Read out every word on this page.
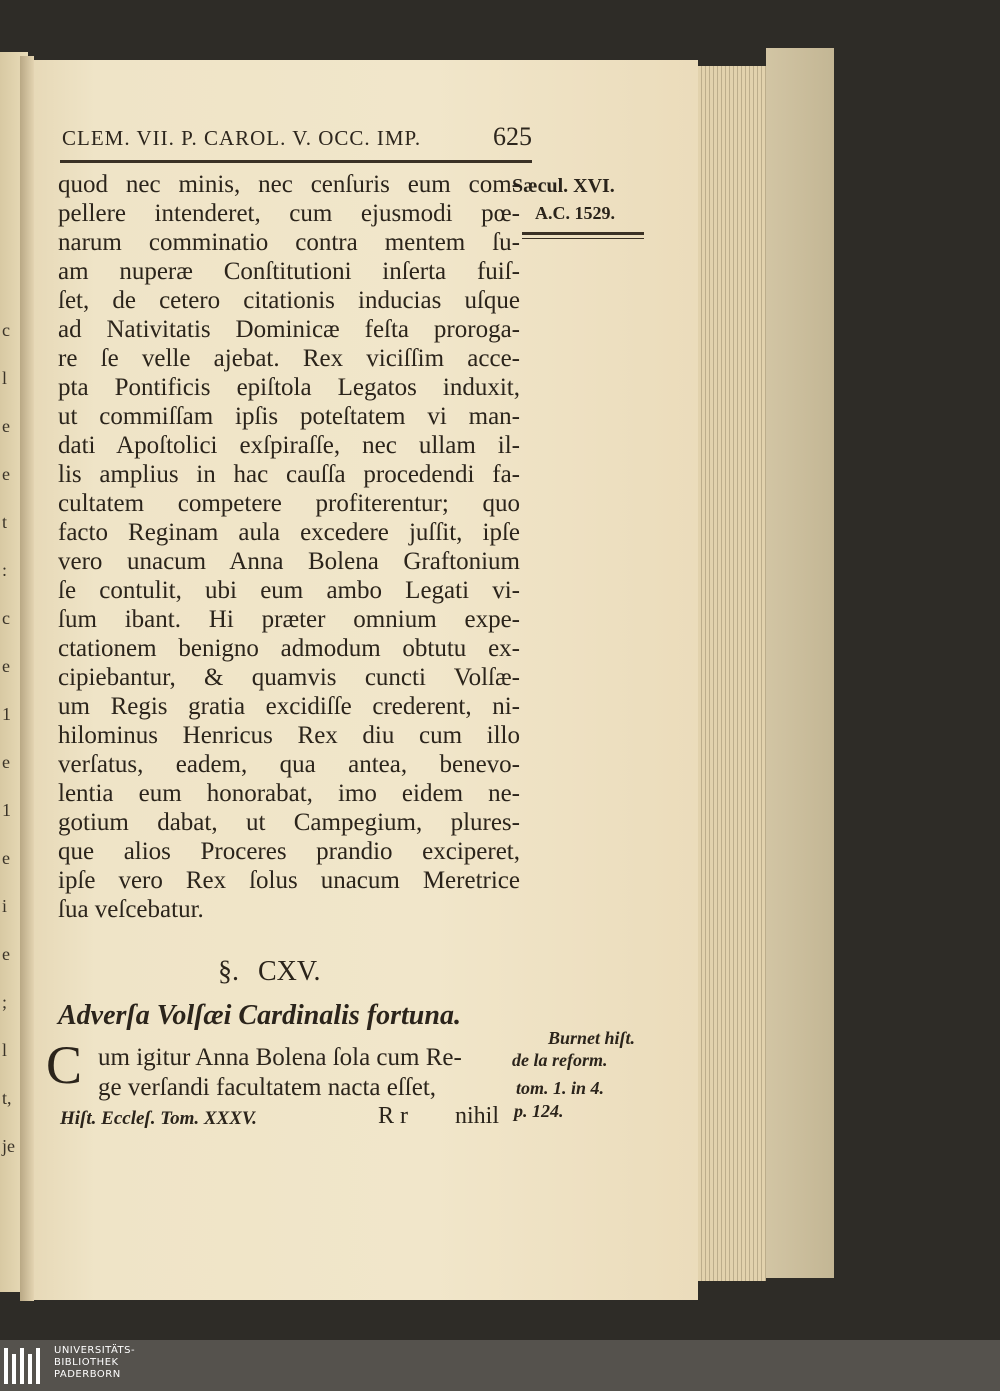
c
l
e
e
t
:
c
e
1
e
1
e
i
e
;
l
t,
je
CLEM. VII. P. CAROL. V. OCC. IMP.	625
Sæcul. XVI.
A.C. 1529.
quod nec minis, nec cenſuris eum com-
pellere intenderet, cum ejusmodi pœ-
narum comminatio contra mentem ſu-
am nuperæ Conſtitutioni inſerta fuiſ-
ſet, de cetero citationis inducias uſque
ad Nativitatis Dominicæ feſta proroga-
re ſe velle ajebat. Rex viciſſim acce-
pta Pontificis epiſtola Legatos induxit,
ut commiſſam ipſis poteſtatem vi man-
dati Apoſtolici exſpiraſſe, nec ullam il-
lis amplius in hac cauſſa procedendi fa-
cultatem competere profiterentur; quo
facto Reginam aula excedere juſſit, ipſe
vero unacum Anna Bolena Graftonium
ſe contulit, ubi eum ambo Legati vi-
ſum ibant. Hi præter omnium expe-
ctationem benigno admodum obtutu ex-
cipiebantur, & quamvis cuncti Volſæ-
um Regis gratia excidiſſe crederent, ni-
hilominus Henricus Rex diu cum illo
verſatus, eadem, qua antea, benevo-
lentia eum honorabat, imo eidem ne-
gotium dabat, ut Campegium, plures-
que alios Proceres prandio exciperet,
ipſe vero Rex ſolus unacum Meretrice
ſua veſcebatur.
§. CXV.
Adverſa Volſæi Cardinalis fortuna.
C um igitur Anna Bolena ſola cum Re-
ge verſandi facultatem nacta eſſet,
Burnet hiſt.
de la reform.
tom. 1. in 4.
p. 124.
Hiſt. Eccleſ. Tom. XXXV.	R r nihil
UNIVERSITÄTS-
BIBLIOTHEK
PADERBORN
